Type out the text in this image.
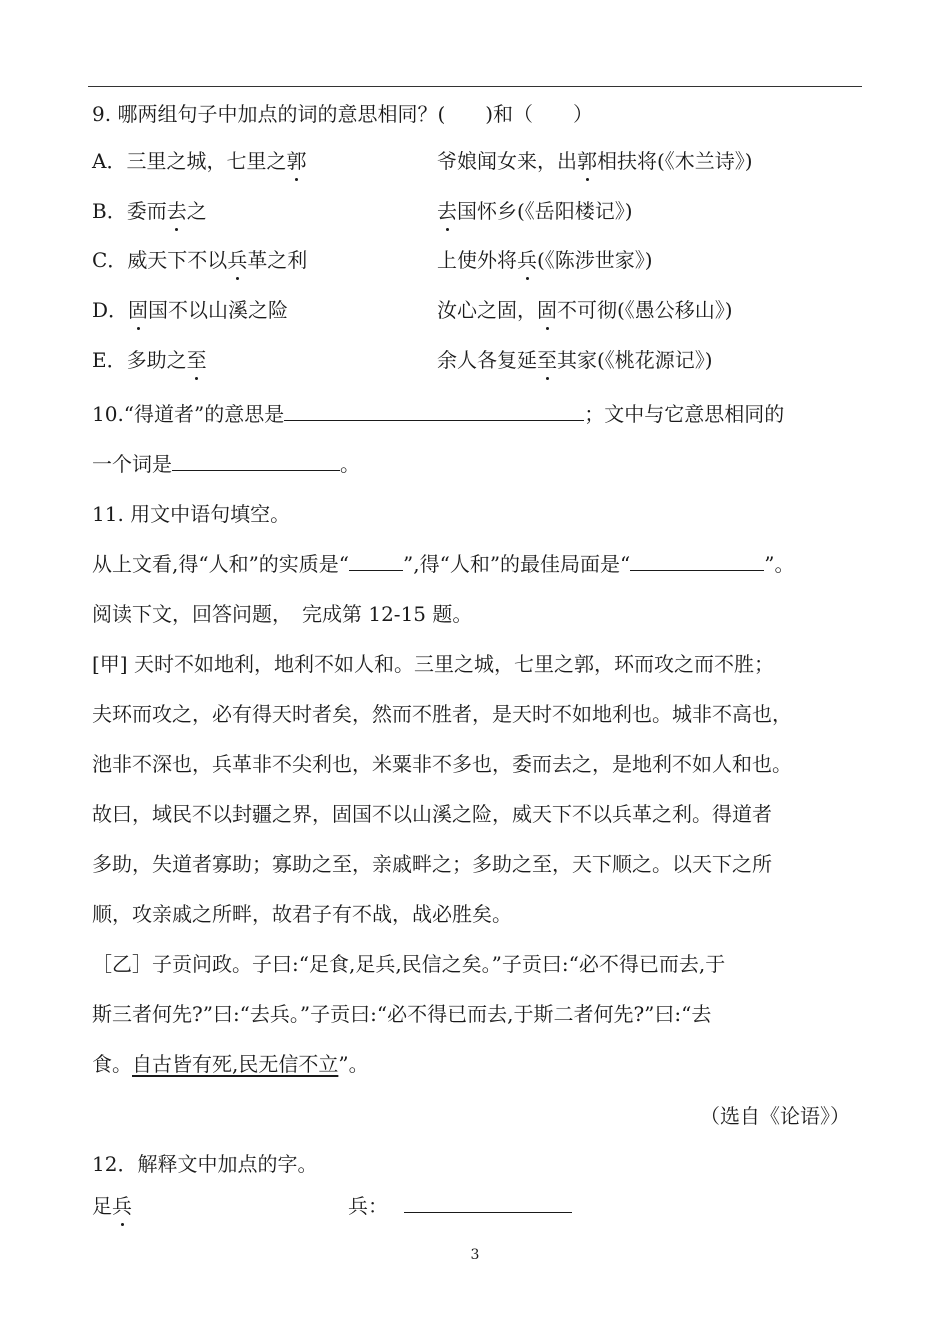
9. 哪两组句子中加点的词的意思相同？(　　)和（　　）
A．三里之城，七里之郭	爷娘闻女来，出郭相扶将(《木兰诗》)
B．委而去之	去国怀乡(《岳阳楼记》)
C．威天下不以兵革之利	上使外将兵(《陈涉世家》)
D．固国不以山溪之险	汝心之固，固不可彻(《愚公移山》)
E．多助之至	余人各复延至其家(《桃花源记》)
10.“得道者”的意思是	；文中与它意思相同的
一个词是	。
11. 用文中语句填空。
从上文看,得“人和”的实质是“	”,得“人和”的最佳局面是“	”。
阅读下文，回答问题，　完成第 12-15 题。
[甲] 天时不如地利，地利不如人和。三里之城，七里之郭，环而攻之而不胜；
夫环而攻之，必有得天时者矣，然而不胜者，是天时不如地利也。城非不高也，
池非不深也，兵革非不尖利也，米粟非不多也，委而去之，是地利不如人和也。
故曰，域民不以封疆之界，固国不以山溪之险，威天下不以兵革之利。得道者
多助，失道者寡助；寡助之至，亲戚畔之；多助之至，天下顺之。以天下之所
顺，攻亲戚之所畔，故君子有不战，战必胜矣。
［乙］子贡问政。子曰:“足食,足兵,民信之矣。”子贡曰:“必不得已而去,于
斯三者何先?”曰:“去兵。”子贡曰:“必不得已而去,于斯二者何先?”曰:“去
食。自古皆有死,民无信不立”。
（选自《论语》）
12．解释文中加点的字。
足兵	兵：
3
